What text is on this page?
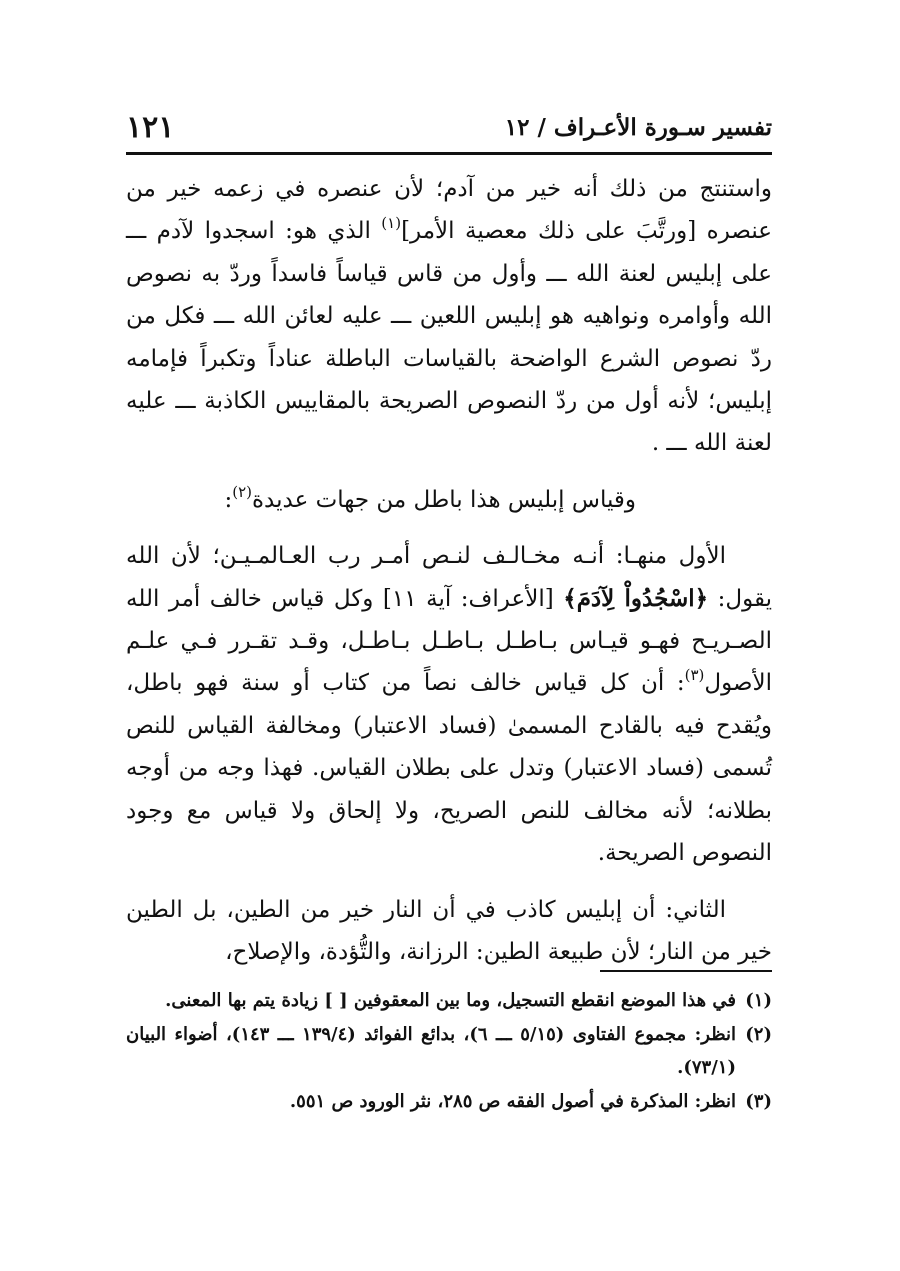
تفسير سـورة الأعـراف / ١٢
١٢١

واستنتج من ذلك أنه خير من آدم؛ لأن عنصره في زعمه خير من عنصره [ورتَّبَ على ذلك معصية الأمر]$^{(١)}$ الذي هو: اسجدوا لآدم ـــ على إبليس لعنة الله ـــ وأول من قاس قياساً فاسداً وردّ به نصوص الله وأوامره ونواهيه هو إبليس اللعين ـــ عليه لعائن الله ـــ فكل من ردّ نصوص الشرع الواضحة بالقياسات الباطلة عناداً وتكبراً فإمامه إبليس؛ لأنه أول من ردّ النصوص الصريحة بالمقاييس الكاذبة ـــ عليه لعنة الله ـــ .

وقياس إبليس هذا باطل من جهات عديدة$^{(٢)}$:

الأول منهـا: أنـه مخـالـف لنـص أمـر رب العـالمـيـن؛ لأن الله يقول: ﴿اسْجُدُواْ لِآدَمَ﴾ [الأعراف: آية ١١] وكل قياس خالف أمر الله الصـريـح فهـو قيـاس بـاطـل بـاطـل بـاطـل، وقـد تقـرر فـي علـم الأصول$^{(٣)}$: أن كل قياس خالف نصاً من كتاب أو سنة فهو باطل، ويُقدح فيه بالقادح المسمىٰ (فساد الاعتبار) ومخالفة القياس للنص تُسمى (فساد الاعتبار) وتدل على بطلان القياس. فهذا وجه من أوجه بطلانه؛ لأنه مخالف للنص الصريح، ولا إلحاق ولا قياس مع وجود النصوص الصريحة.

الثاني: أن إبليس كاذب في أن النار خير من الطين، بل الطين خير من النار؛ لأن طبيعة الطين: الرزانة، والتُّؤدة، والإصلاح،

(١)
في هذا الموضع انقطع التسجيل، وما بين المعقوفين [ ] زيادة يتم بها المعنى.

(٢)
انظر: مجموع الفتاوى (٥/١٥ ـــ ٦)، بدائع الفوائد (١٣٩/٤ ـــ ١٤٣)، أضواء البيان (٧٣/١).

(٣)
انظر: المذكرة في أصول الفقه ص ٢٨٥، نثر الورود ص ٥٥١.
